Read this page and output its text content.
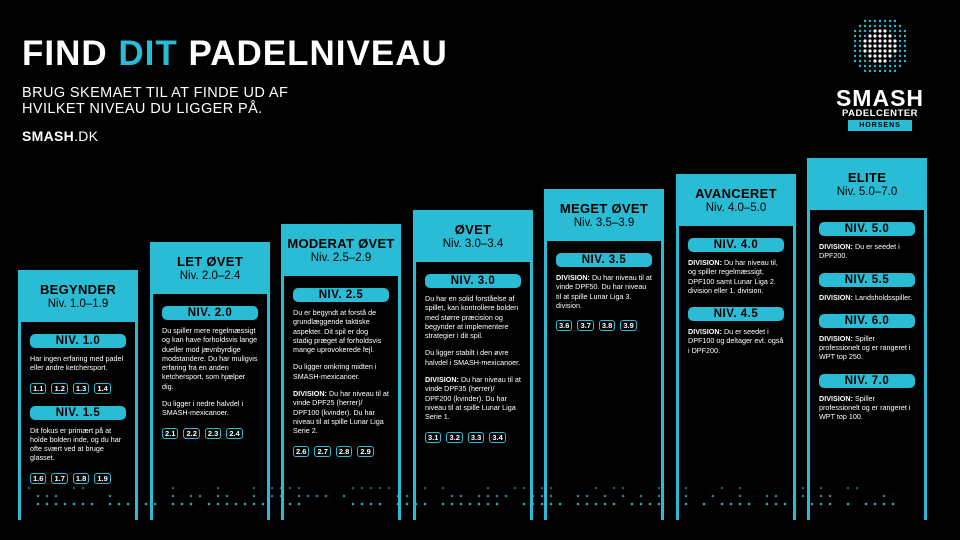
FIND DIT PADELNIVEAU
BRUG SKEMAET TIL AT FINDE UD AF HVILKET NIVEAU DU LIGGER PÅ.
SMASH.DK
SMASH
PADELCENTER
HORSENS
BEGYNDER
Niv. 1.0–1.9
NIV. 1.0
Har ingen erfaring med padel eller andre ketchersport.
1.1	1.2	1.3	1.4
NIV. 1.5
Dit fokus er primært på at holde bolden inde, og du har ofte svært ved at bruge glasset.
1.6	1.7	1.8	1.9
LET ØVET
Niv. 2.0–2.4
NIV. 2.0
Du spiller mere regelmæssigt og kan have forholdsvis lange dueller mod jævnbyrdige modstandere. Du har muligvis erfaring fra en anden ketchersport, som hjælper dig.
Du ligger i nedre halvdel i SMASH-mexicanoer.
2.1	2.2	2.3	2.4
MODERAT ØVET
Niv. 2.5–2.9
NIV. 2.5
Du er begyndt at forstå de grundlæggende taktiske aspekter. Dit spil er dog stadig præget af forholdsvis mange uprovokerede fejl.
Du ligger omkring midten i SMASH-mexicanoer.
DIVISION: Du har niveau til at vinde DPF25 (herrer)/ DPF100 (kvinder). Du har niveau til at spille Lunar Liga Serie 2.
2.6	2.7	2.8	2.9
ØVET
Niv. 3.0–3.4
NIV. 3.0
Du har en solid forståelse af spillet, kan kontrollere bolden med større præcision og begynder at implementere strategier i dit spil.
Du ligger stabilt i den øvre halvdel i SMASH-mexicanoer.
DIVISION: Du har niveau til at vinde DPF35 (herrer)/ DPF200 (kvinder). Du har niveau til at spille Lunar Liga Serie 1.
3.1	3.2	3.3	3.4
MEGET ØVET
Niv. 3.5–3.9
NIV. 3.5
DIVISION: Du har niveau til at vinde DPF50. Du har niveau til at spille Lunar Liga 3. division.
3.6	3.7	3.8	3.9
AVANCERET
Niv. 4.0–5.0
NIV. 4.0
DIVISION: Du har niveau til, og spiller regelmæssigt, DPF100 samt Lunar Liga 2. division eller 1. division.
NIV. 4.5
DIVISION: Du er seedet i DPF100 og deltager evt. også i DPF200.
ELITE
Niv. 5.0–7.0
NIV. 5.0
DIVISION: Du er seedet i DPF200.
NIV. 5.5
DIVISION: Landsholdsspiller.
NIV. 6.0
DIVISION: Spiller professionelt og er rangeret i WPT top 250.
NIV. 7.0
DIVISION: Spiller professionelt og er rangeret i WPT top 100.
